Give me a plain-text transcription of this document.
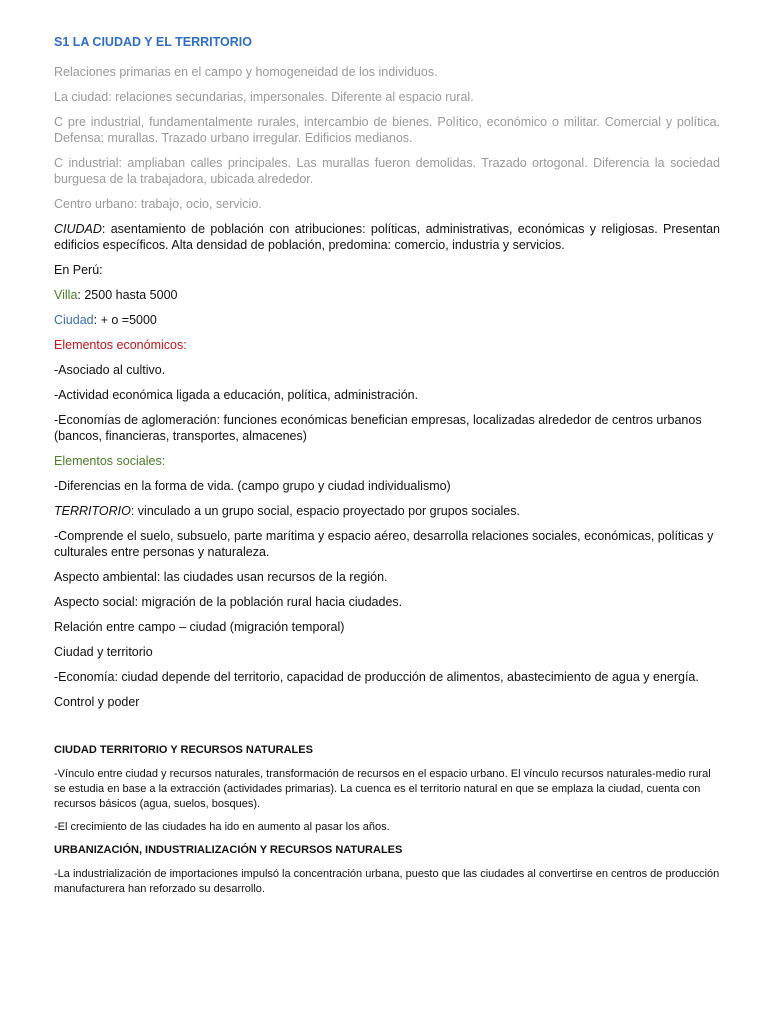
S1 LA CIUDAD Y EL TERRITORIO

Relaciones primarias en el campo y homogeneidad de los individuos.

La ciudad: relaciones secundarias, impersonales. Diferente al espacio rural.

C pre industrial, fundamentalmente rurales, intercambio de bienes. Político, económico o militar. Comercial y política. Defensa: murallas. Trazado urbano irregular. Edificios medianos.

C industrial: ampliaban calles principales. Las murallas fueron demolidas. Trazado ortogonal. Diferencia la sociedad burguesa de la trabajadora, ubicada alrededor.

Centro urbano: trabajo, ocio, servicio.

CIUDAD: asentamiento de población con atribuciones: políticas, administrativas, económicas y religiosas. Presentan edificios específicos. Alta densidad de población, predomina: comercio, industria y servicios.

En Perú:

Villa: 2500 hasta 5000

Ciudad: + o =5000

Elementos económicos:

-Asociado al cultivo.

-Actividad económica ligada a educación, política, administración.

-Economías de aglomeración: funciones económicas benefician empresas, localizadas alrededor de centros urbanos (bancos, financieras, transportes, almacenes)

Elementos sociales:

-Diferencias en la forma de vida. (campo grupo y ciudad individualismo)

TERRITORIO: vinculado a un grupo social, espacio proyectado por grupos sociales.

-Comprende el suelo, subsuelo, parte marítima y espacio aéreo, desarrolla relaciones sociales, económicas, políticas y culturales entre personas y naturaleza.

Aspecto ambiental: las ciudades usan recursos de la región.

Aspecto social: migración de la población rural hacia ciudades.

Relación entre campo – ciudad (migración temporal)

Ciudad y territorio

-Economía: ciudad depende del territorio, capacidad de producción de alimentos, abastecimiento de agua y energía.

Control y poder

CIUDAD TERRITORIO Y RECURSOS NATURALES

-Vínculo entre ciudad y recursos naturales, transformación de recursos en el espacio urbano. El vínculo recursos naturales-medio rural se estudia en base a la extracción (actividades primarias). La cuenca es el territorio natural en que se emplaza la ciudad, cuenta con recursos básicos (agua, suelos, bosques).

-El crecimiento de las ciudades ha ido en aumento al pasar los años.

URBANIZACIÓN, INDUSTRIALIZACIÓN Y RECURSOS NATURALES

-La industrialización de importaciones impulsó la concentración urbana, puesto que las ciudades al convertirse en centros de producción manufacturera han reforzado su desarrollo.
